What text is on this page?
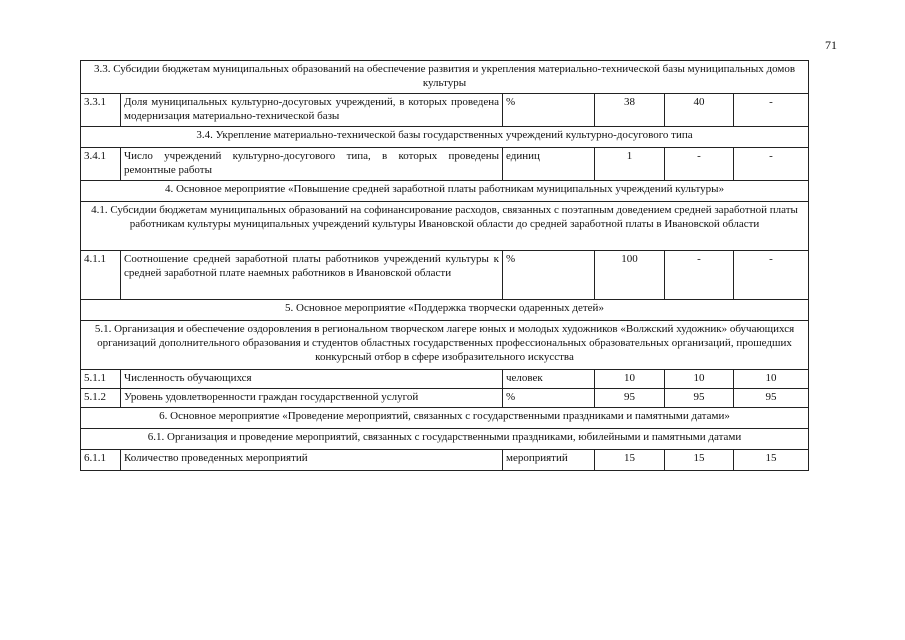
71
3.3. Субсидии бюджетам муниципальных образований на обеспечение развития и укрепления материально-технической базы муниципальных домов культуры					
3.3.1	Доля муниципальных культурно-досуговых учреждений, в которых проведена модернизация материально-технической базы	%	38	40	-
3.4. Укрепление материально-технической базы государственных учреждений культурно-досугового типа					
3.4.1	Число учреждений культурно-досугового типа, в которых проведены ремонтные работы	единиц	1	-	-
4. Основное мероприятие «Повышение средней заработной платы работникам муниципальных учреждений культуры»					
4.1. Субсидии бюджетам муниципальных образований на софинансирование расходов, связанных с поэтапным доведением средней заработной платы работникам культуры муниципальных учреждений культуры Ивановской области до средней заработной платы в Ивановской области					
4.1.1	Соотношение средней заработной платы работников учреждений культуры к средней заработной плате наемных работников в Ивановской области	%	100	-	-
5. Основное мероприятие «Поддержка творчески одаренных детей»					
5.1. Организация и обеспечение оздоровления в региональном творческом лагере юных и молодых художников «Волжский художник» обучающихся организаций дополнительного образования и студентов областных государственных профессиональных образовательных организаций, прошедших конкурсный отбор в сфере изобразительного искусства					
5.1.1	Численность обучающихся	человек	10	10	10
5.1.2	Уровень удовлетворенности граждан государственной услугой	%	95	95	95
6. Основное мероприятие «Проведение мероприятий, связанных с государственными праздниками и памятными датами»					
6.1. Организация и проведение мероприятий, связанных с государственными праздниками, юбилейными и памятными датами					
6.1.1	Количество проведенных мероприятий	мероприятий	15	15	15
